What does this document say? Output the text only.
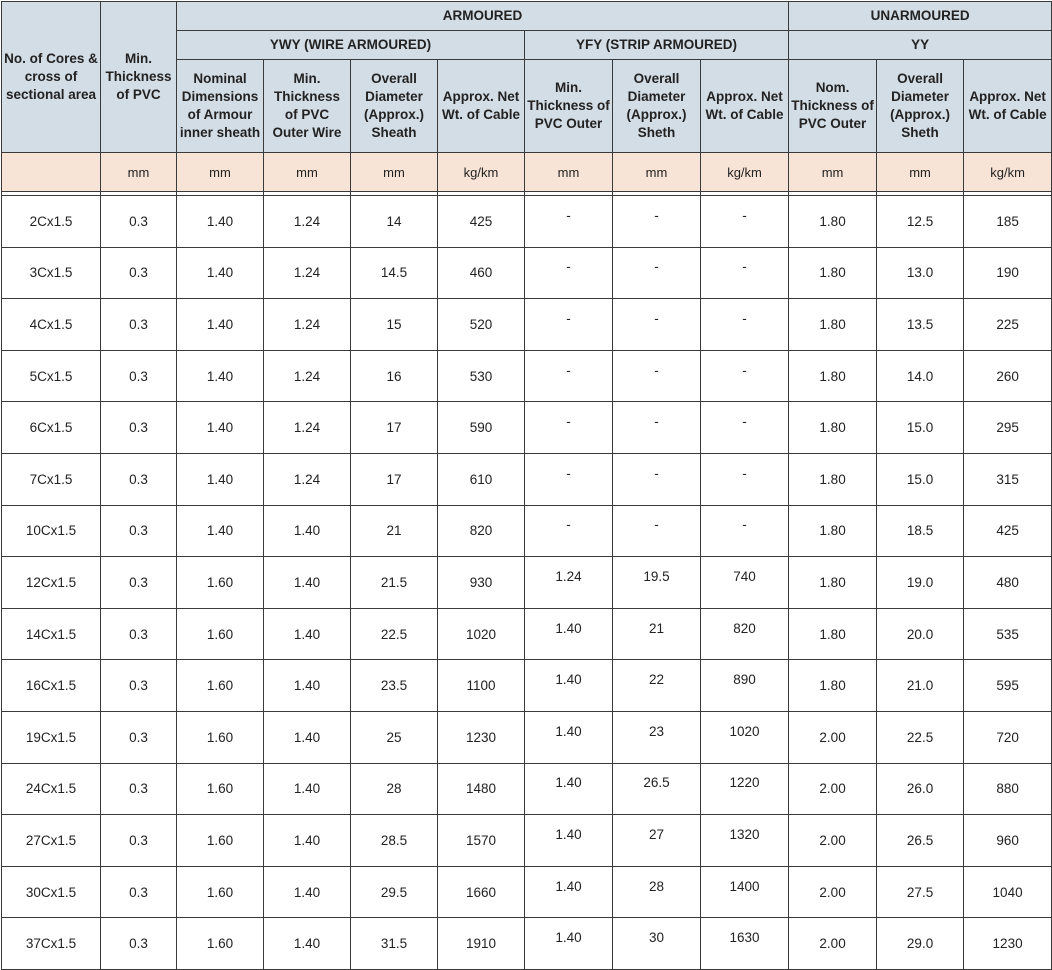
No. of Cores & cross of sectional area	Min. Thickness of PVC	ARMOURED							UNARMOURED		
		YWY (WIRE ARMOURED)				YFY (STRIP ARMOURED)			YY		
		Nominal Dimensions of Armour inner sheath	Min. Thickness of PVC Outer Wire	Overall Diameter (Approx.) Sheath	Approx. Net Wt. of Cable	Min. Thickness of PVC Outer	Overall Diameter (Approx.) Sheth	Approx. Net Wt. of Cable	Nom. Thickness of PVC Outer	Overall Diameter (Approx.) Sheth	Approx. Net Wt. of Cable
	mm	mm	mm	mm	kg/km	mm	mm	kg/km	mm	mm	kg/km

2Cx1.5	0.3	1.40	1.24	14	425	-	-	-	1.80	12.5	185
3Cx1.5	0.3	1.40	1.24	14.5	460	-	-	-	1.80	13.0	190
4Cx1.5	0.3	1.40	1.24	15	520	-	-	-	1.80	13.5	225
5Cx1.5	0.3	1.40	1.24	16	530	-	-	-	1.80	14.0	260
6Cx1.5	0.3	1.40	1.24	17	590	-	-	-	1.80	15.0	295
7Cx1.5	0.3	1.40	1.24	17	610	-	-	-	1.80	15.0	315
10Cx1.5	0.3	1.40	1.40	21	820	-	-	-	1.80	18.5	425
12Cx1.5	0.3	1.60	1.40	21.5	930	1.24	19.5	740	1.80	19.0	480
14Cx1.5	0.3	1.60	1.40	22.5	1020	1.40	21	820	1.80	20.0	535
16Cx1.5	0.3	1.60	1.40	23.5	1100	1.40	22	890	1.80	21.0	595
19Cx1.5	0.3	1.60	1.40	25	1230	1.40	23	1020	2.00	22.5	720
24Cx1.5	0.3	1.60	1.40	28	1480	1.40	26.5	1220	2.00	26.0	880
27Cx1.5	0.3	1.60	1.40	28.5	1570	1.40	27	1320	2.00	26.5	960
30Cx1.5	0.3	1.60	1.40	29.5	1660	1.40	28	1400	2.00	27.5	1040
37Cx1.5	0.3	1.60	1.40	31.5	1910	1.40	30	1630	2.00	29.0	1230
